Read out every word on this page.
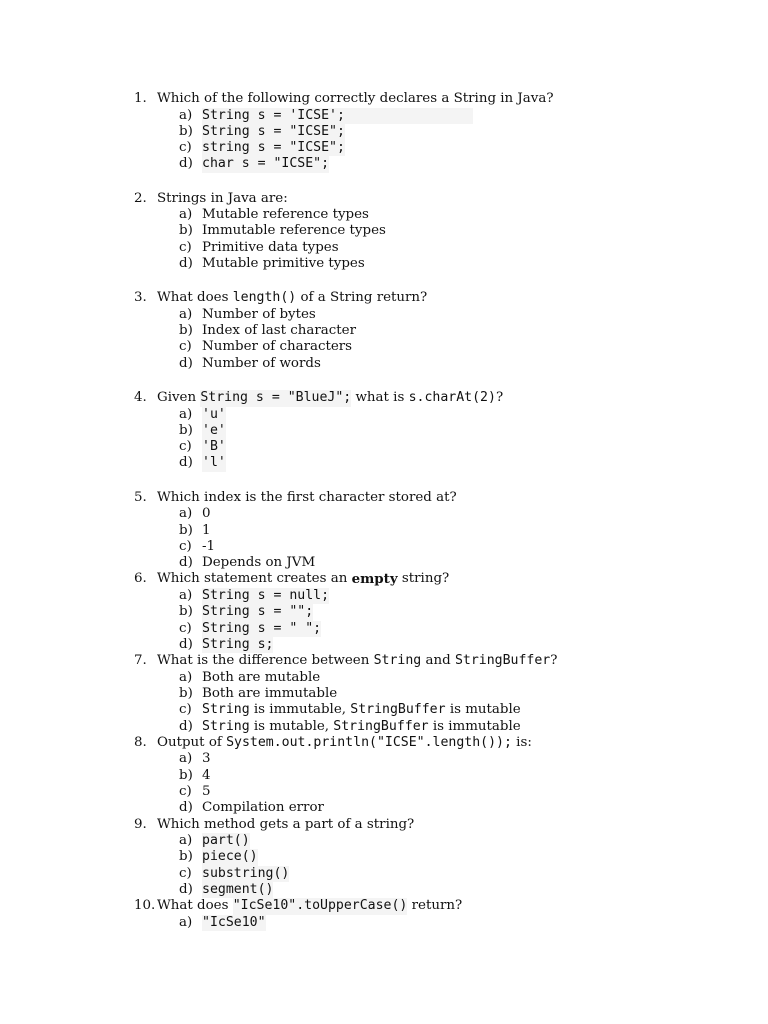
1. Which of the following correctly declares a String in Java?
a) String s = 'ICSE';
b) String s = "ICSE";
c) string s = "ICSE";
d) char s = "ICSE";
2. Strings in Java are:
a) Mutable reference types
b) Immutable reference types
c) Primitive data types
d) Mutable primitive types
3. What does length() of a String return?
a) Number of bytes
b) Index of last character
c) Number of characters
d) Number of words
4. Given String s = "BlueJ"; what is s.charAt(2) ?
a) 'u'
b) 'e'
c) 'B'
d) 'l'
5. Which index is the first character stored at?
a) 0
b) 1
c) -1
d) Depends on JVM
6. Which statement creates an empty string?
a) String s = null;
b) String s = "";
c) String s = " ";
d) String s;
7. What is the difference between String and StringBuffer ?
a) Both are mutable
b) Both are immutable
c) String is immutable, StringBuffer is mutable
d) String is mutable, StringBuffer is immutable
8. Output of System.out.println("ICSE".length()); is:
a) 3
b) 4
c) 5
d) Compilation error
9. Which method gets a part of a string?
a) part()
b) piece()
c) substring()
d) segment()
10. What does "IcSe10".toUpperCase() return?
a) "IcSe10"
